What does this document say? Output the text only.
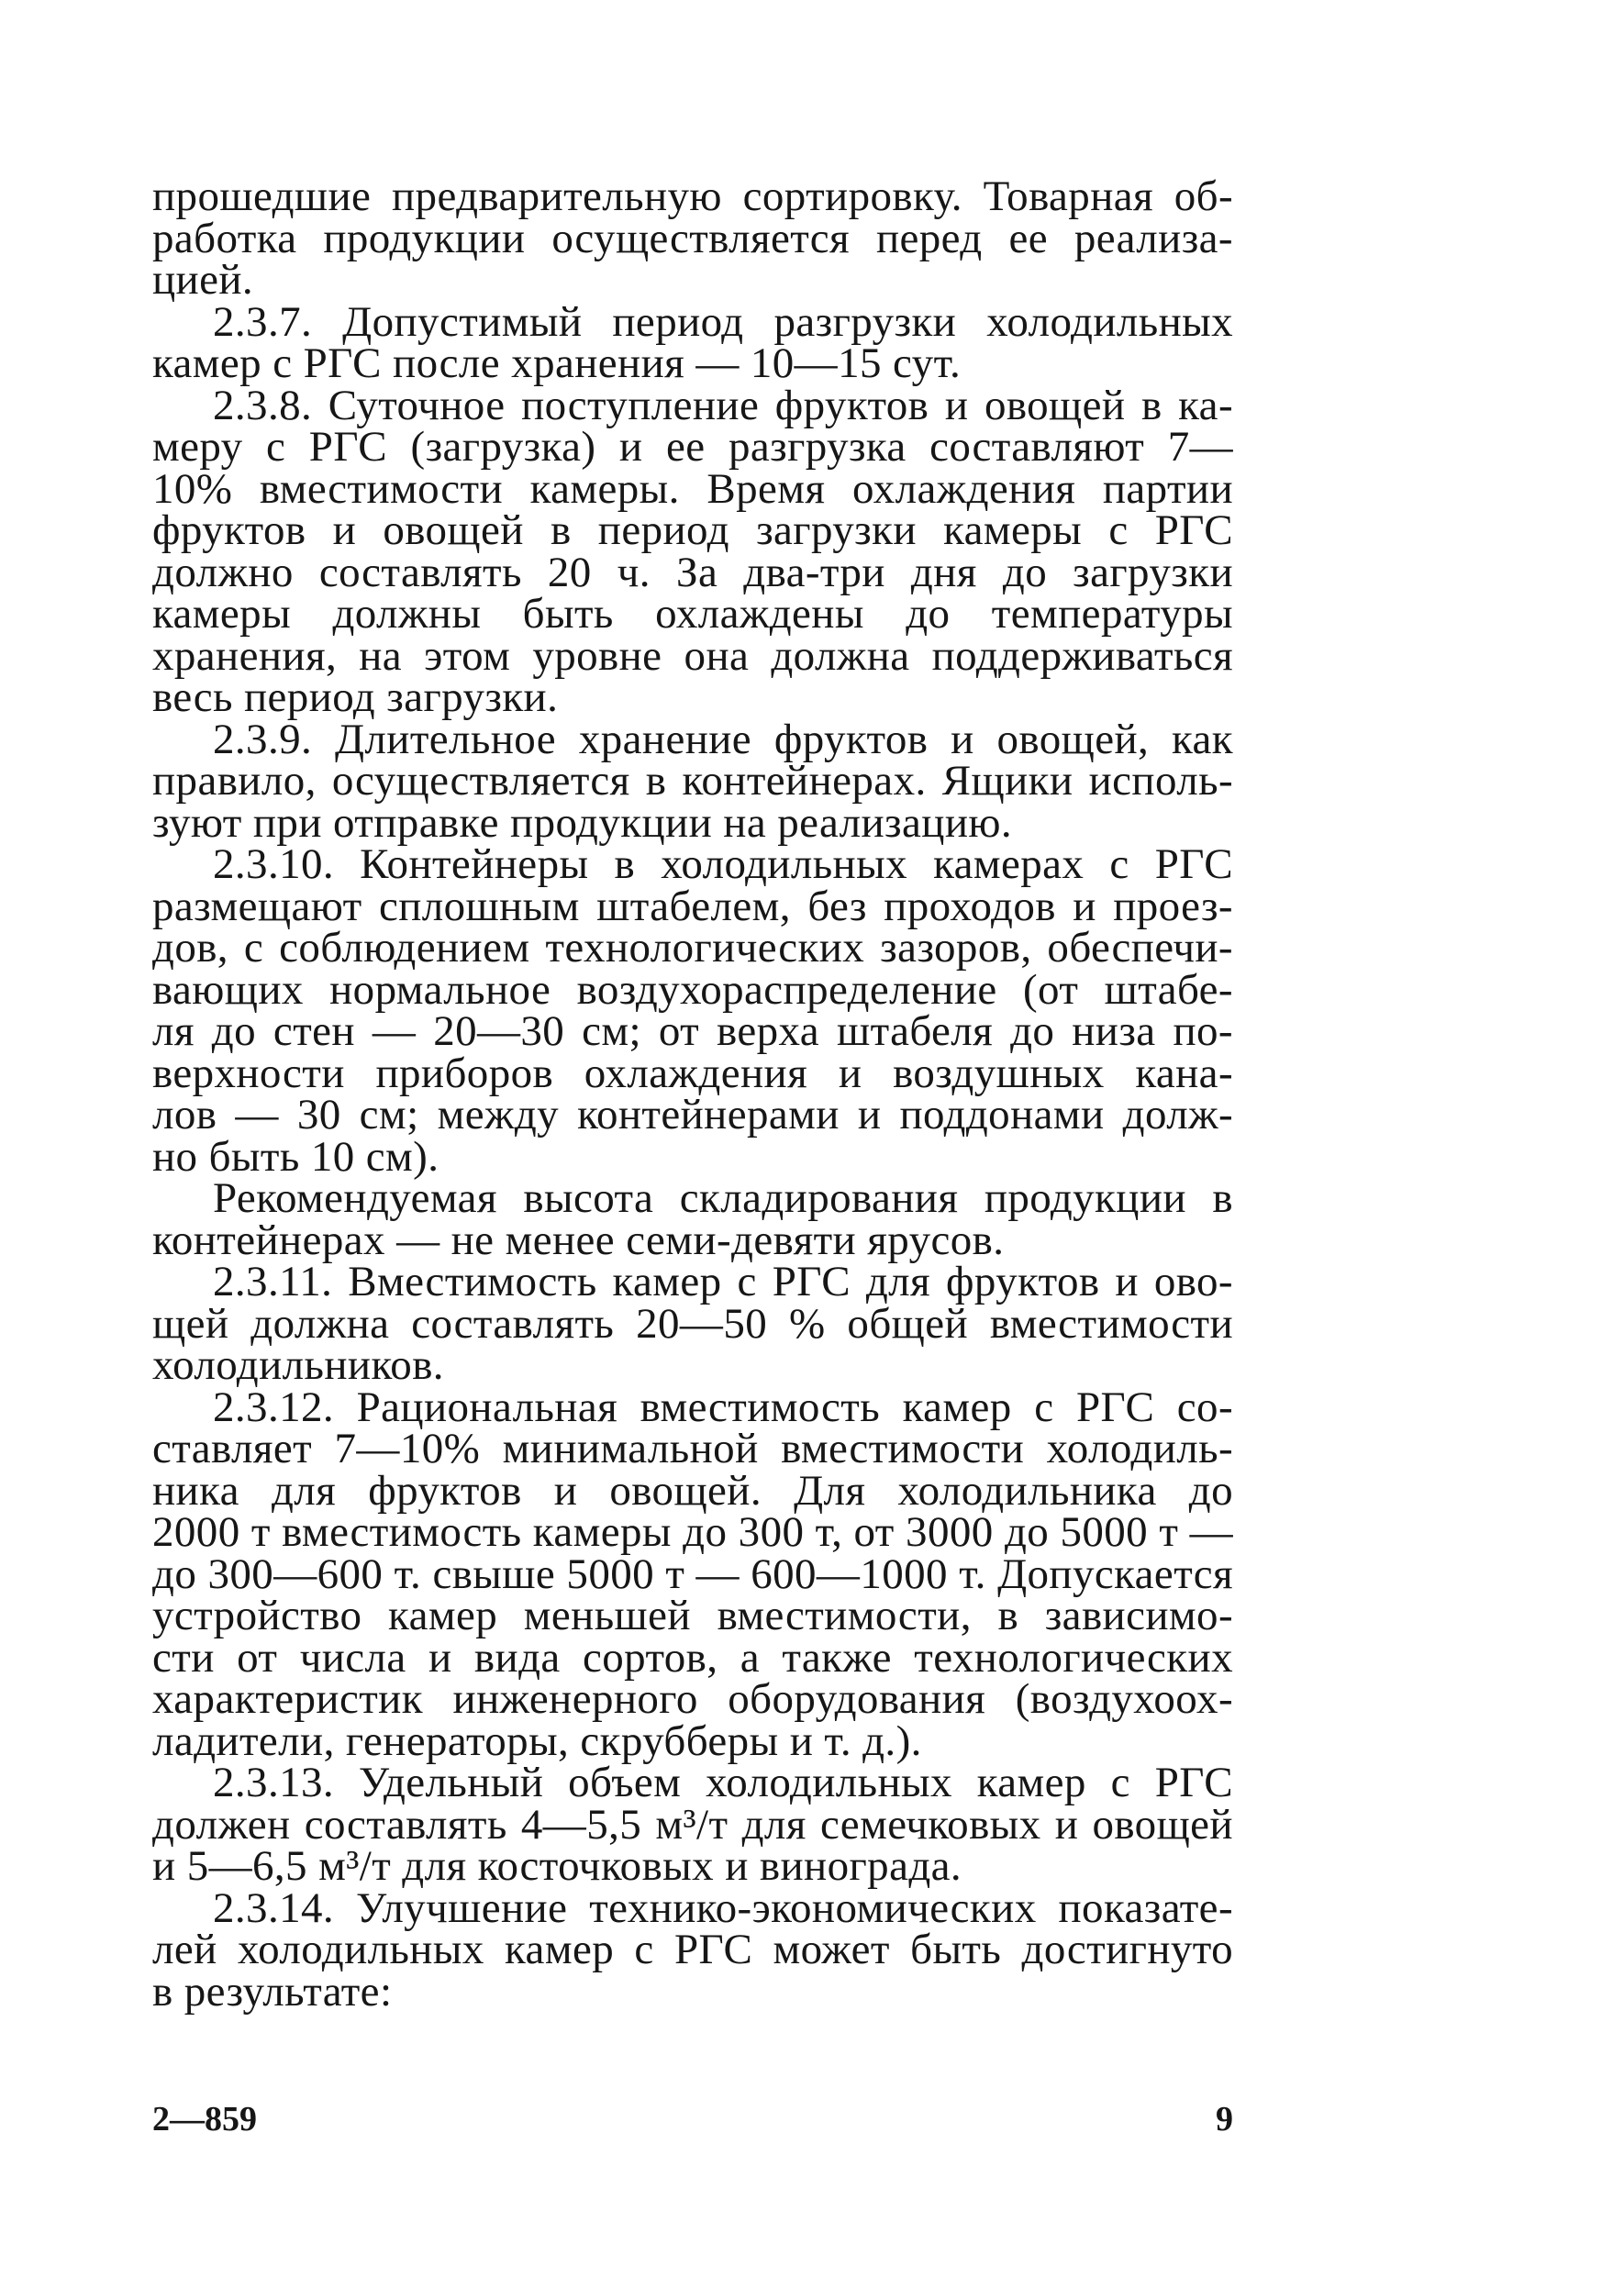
прошедшие предварительную сортировку. Товарная об-
работка продукции осуществляется перед ее реализа-
цией.
2.3.7. Допустимый период разгрузки холодильных
камер с РГС после хранения — 10—15 сут.
2.3.8. Суточное поступление фруктов и овощей в ка-
меру с РГС (загрузка) и ее разгрузка составляют 7—
10% вместимости камеры. Время охлаждения партии
фруктов и овощей в период загрузки камеры с РГС
должно составлять 20 ч. За два-три дня до загрузки
камеры должны быть охлаждены до температуры
хранения, на этом уровне она должна поддерживаться
весь период загрузки.
2.3.9. Длительное хранение фруктов и овощей, как
правило, осуществляется в контейнерах. Ящики исполь-
зуют при отправке продукции на реализацию.
2.3.10. Контейнеры в холодильных камерах с РГС
размещают сплошным штабелем, без проходов и проез-
дов, с соблюдением технологических зазоров, обеспечи-
вающих нормальное воздухораспределение (от штабе-
ля до стен — 20—30 см; от верха штабеля до низа по-
верхности приборов охлаждения и воздушных кана-
лов — 30 см; между контейнерами и поддонами долж-
но быть 10 см).
Рекомендуемая высота складирования продукции в
контейнерах — не менее семи-девяти ярусов.
2.3.11. Вместимость камер с РГС для фруктов и ово-
щей должна составлять 20—50 % общей вместимости
холодильников.
2.3.12. Рациональная вместимость камер с РГС со-
ставляет 7—10% минимальной вместимости холодиль-
ника для фруктов и овощей. Для холодильника до
2000 т вместимость камеры до 300 т, от 3000 до 5000 т —
до 300—600 т. свыше 5000 т — 600—1000 т. Допускается
устройство камер меньшей вместимости, в зависимо-
сти от числа и вида сортов, а также технологических
характеристик инженерного оборудования (воздухоох-
ладители, генераторы, скрубберы и т. д.).
2.3.13. Удельный объем холодильных камер с РГС
должен составлять 4—5,5 м³/т для семечковых и овощей
и 5—6,5 м³/т для косточковых и винограда.
2.3.14. Улучшение технико-экономических показате-
лей холодильных камер с РГС может быть достигнуто
в результате:
2—859	9
